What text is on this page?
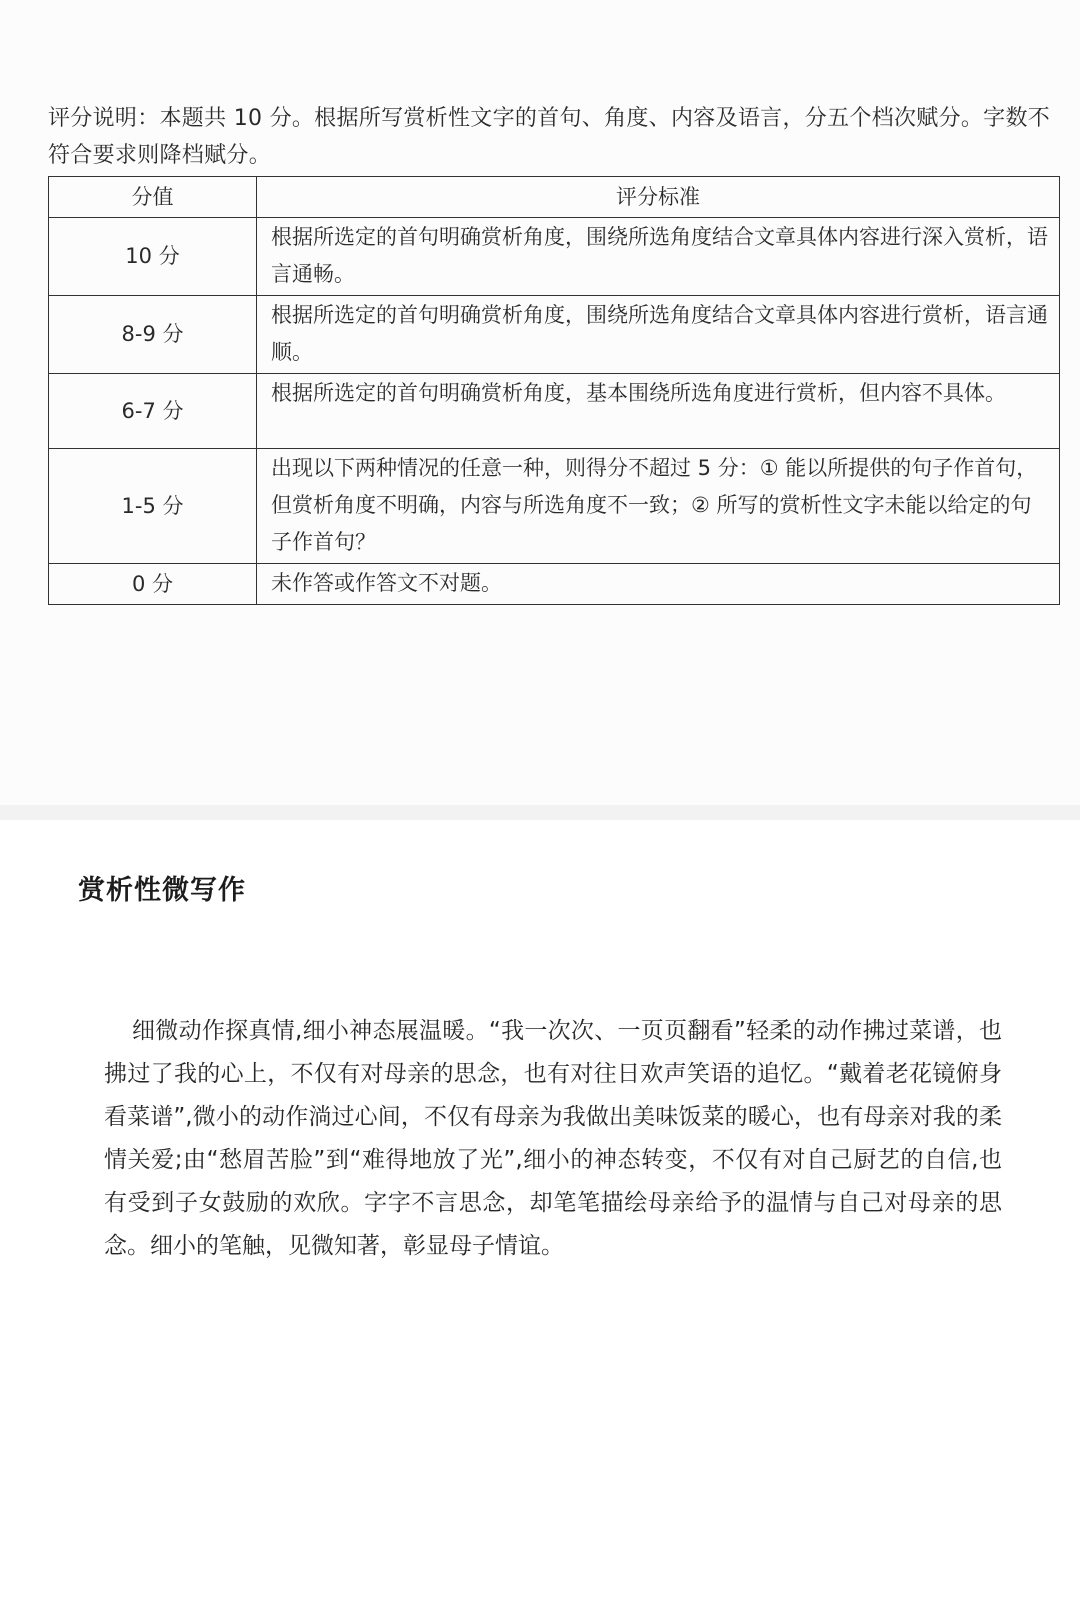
评分说明：本题共 10 分。根据所写赏析性文字的首句、角度、内容及语言，分五个档次赋分。字数不符合要求则降档赋分。
分值	评分标准
10 分	根据所选定的首句明确赏析角度，围绕所选角度结合文章具体内容进行深入赏析，语言通畅。
8-9 分	根据所选定的首句明确赏析角度，围绕所选角度结合文章具体内容进行赏析，语言通顺。
6-7 分	根据所选定的首句明确赏析角度，基本围绕所选角度进行赏析，但内容不具体。
1-5 分	出现以下两种情况的任意一种，则得分不超过 5 分：① 能以所提供的句子作首句，但赏析角度不明确，内容与所选角度不一致；② 所写的赏析性文字未能以给定的句子作首句？
0 分	未作答或作答文不对题。
赏析性微写作

细微动作探真情,细小神态展温暖。“我一次次、一页页翻看”轻柔的动作拂过菜谱，也拂过了我的心上，不仅有对母亲的思念，也有对往日欢声笑语的追忆。“戴着老花镜俯身看菜谱”,微小的动作淌过心间，不仅有母亲为我做出美味饭菜的暖心，也有母亲对我的柔情关爱;由“愁眉苦脸”到“难得地放了光”,细小的神态转变，不仅有对自己厨艺的自信,也有受到子女鼓励的欢欣。字字不言思念，却笔笔描绘母亲给予的温情与自己对母亲的思念。细小的笔触，见微知著，彰显母子情谊。
